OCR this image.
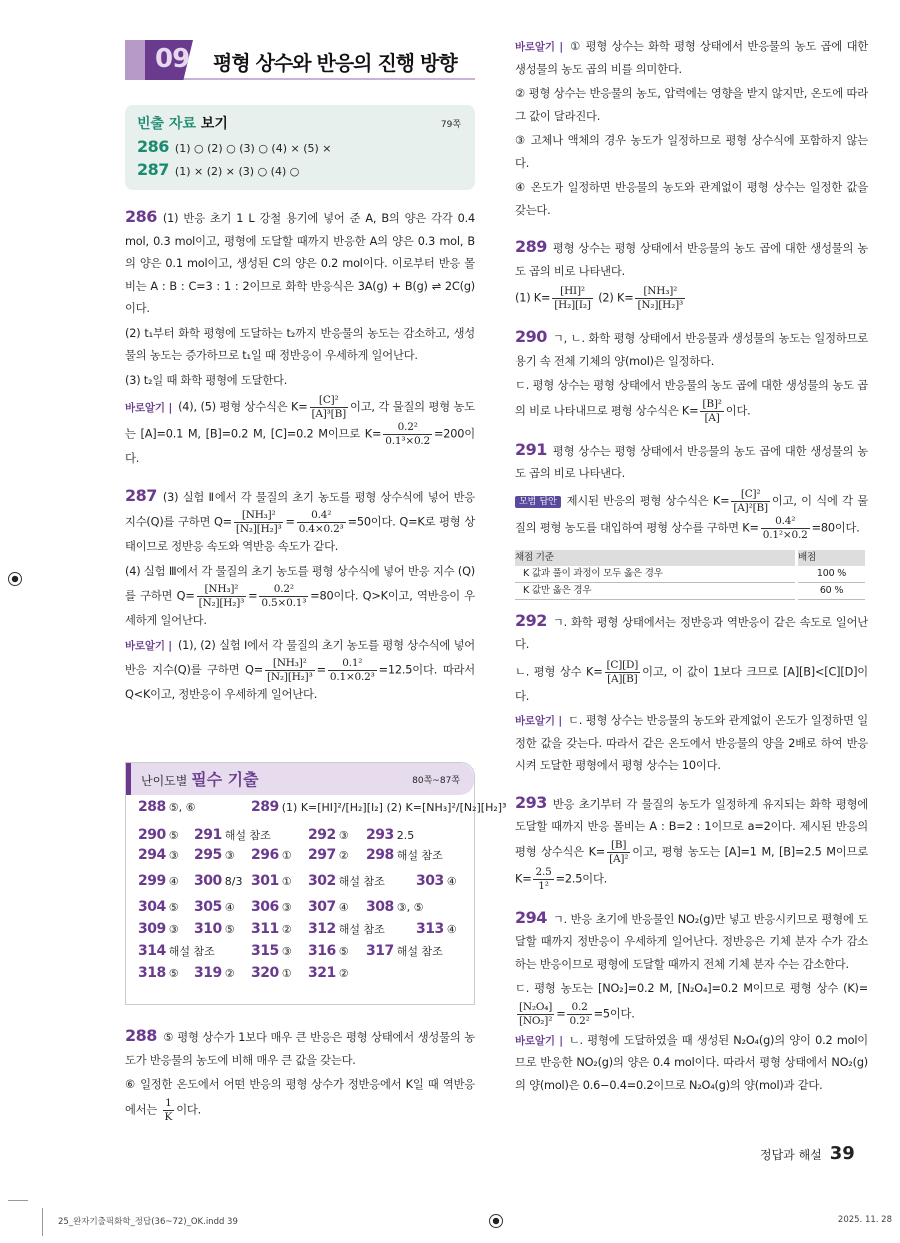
09 평형 상수와 반응의 진행 방향
빈출 자료 보기	79쪽
286 (1) ○ (2) ○ (3) ○ (4) × (5) ×
287 (1) × (2) × (3) ○ (4) ○
286 (1) 반응 초기 1 L 강철 용기에 넣어 준 A, B의 양은 각각 0.4 mol, 0.3 mol이고, 평형에 도달할 때까지 반응한 A의 양은 0.3 mol, B의 양은 0.1 mol이고, 생성된 C의 양은 0.2 mol이다. 이로부터 반응 몰비는 A : B : C=3 : 1 : 2이므로 화학 반응식은 3A(g) + B(g) ⇌ 2C(g)이다.
(2) t₁부터 화학 평형에 도달하는 t₂까지 반응물의 농도는 감소하고, 생성물의 농도는 증가하므로 t₁일 때 정반응이 우세하게 일어난다.
(3) t₂일 때 화학 평형에 도달한다.
바로알기 | (4), (5) 평형 상수식은 $K= \frac{\text{[C]²}}{\text{[A]³[B]}}$ 이고, 각 물질의 평형 농도는 [A]=0.1 M, [B]=0.2 M, [C]=0.2 M이므로 $K= \frac{\text{0.2²}}{\text{0.1³×0.2}} =200$이다.
287 (3) 실험 Ⅱ에서 각 물질의 초기 농도를 평형 상수식에 넣어 반응 지수(Q)를 구하면 $Q= \frac{\text{[NH₃]²}}{\text{[N₂][H₂]³}} = \frac{\text{0.4²}}{\text{0.4×0.2³}} =50$이다. Q=K로 평형 상태이므로 정반응 속도와 역반응 속도가 같다.
(4) 실험 Ⅲ에서 각 물질의 초기 농도를 평형 상수식에 넣어 반응 지수 (Q)를 구하면 $Q= \frac{\text{[NH₃]²}}{\text{[N₂][H₂]³}} = \frac{\text{0.2²}}{\text{0.5×0.1³}} =80$이다. Q>K이고, 역반응이 우세하게 일어난다.
바로알기 | (1), (2) 실험 Ⅰ에서 각 물질의 초기 농도를 평형 상수식에 넣어 반응 지수(Q)를 구하면 $Q= \frac{\text{[NH₃]²}}{\text{[N₂][H₂]³}} = \frac{\text{0.1²}}{\text{0.1×0.2³}} =12.5$이다. 따라서 Q<K이고, 정반응이 우세하게 일어난다.
난이도별 필수 기출	80쪽~87쪽
288 ⑤, ⑥	289 (1) K=[HI]²/[H₂][I₂] (2) K=[NH₃]²/[N₂][H₂]³
290 ⑤ 291 해설 참조	292 ③ 293 2.5
294 ③ 295 ③ 296 ① 297 ② 298 해설 참조
299 ④ 300 8/3 301 ① 302 해설 참조 303 ④
304 ⑤ 305 ④ 306 ③ 307 ④ 308 ③, ⑤
309 ③ 310 ⑤ 311 ② 312 해설 참조 313 ④
314 해설 참조	315 ③ 316 ⑤ 317 해설 참조
318 ⑤ 319 ② 320 ① 321 ②
288 ⑤ 평형 상수가 1보다 매우 큰 반응은 평형 상태에서 생성물의 농도가 반응물의 농도에 비해 매우 큰 값을 갖는다.
⑥ 일정한 온도에서 어떤 반응의 평형 상수가 정반응에서 K일 때 역반응에서는 $\frac{1}{K}$ 이다.
바로알기 | ① 평형 상수는 화학 평형 상태에서 반응물의 농도 곱에 대한 생성물의 농도 곱의 비를 의미한다.
② 평형 상수는 반응물의 농도, 압력에는 영향을 받지 않지만, 온도에 따라 그 값이 달라진다.
③ 고체나 액체의 경우 농도가 일정하므로 평형 상수식에 포함하지 않는다.
④ 온도가 일정하면 반응물의 농도와 관계없이 평형 상수는 일정한 값을 갖는다.
289 평형 상수는 평형 상태에서 반응물의 농도 곱에 대한 생성물의 농도 곱의 비로 나타낸다.
(1) $K= \frac{\text{[HI]²}}{\text{[H₂][I₂]}} (2)$ $K= \frac{\text{[NH₃]²}}{\text{[N₂][H₂]³}}$
290 ㄱ, ㄴ. 화학 평형 상태에서 반응물과 생성물의 농도는 일정하므로 용기 속 전체 기체의 양(mol)은 일정하다.
ㄷ. 평형 상수는 평형 상태에서 반응물의 농도 곱에 대한 생성물의 농도 곱의 비로 나타내므로 평형 상수식은 $K= \frac{\text{[B]²}}{[A]}$ 이다.
291 평형 상수는 평형 상태에서 반응물의 농도 곱에 대한 생성물의 농도 곱의 비로 나타낸다.
모범 답안 제시된 반응의 평형 상수식은 $K= \frac{\text{[C]²}}{\text{[A]²[B]}}$ 이고, 이 식에 각 물질의 평형 농도를 대입하여 평형 상수를 구하면 $K= \frac{\text{0.4²}}{\text{0.1²×0.2}} =80$이다.
채점 기준	배점
K 값과 풀이 과정이 모두 옳은 경우	100 %
K 값만 옳은 경우	60 %
292 ㄱ. 화학 평형 상태에서는 정반응과 역반응이 같은 속도로 일어난다.
ㄴ. 평형 상수 $K= \frac{[C][D]}{[A][B]}$ 이고, 이 값이 1보다 크므로 [A][B]<[C][D]이다.
바로알기 | ㄷ. 평형 상수는 반응물의 농도와 관계없이 온도가 일정하면 일정한 값을 갖는다. 따라서 같은 온도에서 반응물의 양을 2배로 하여 반응시켜 도달한 평형에서 평형 상수는 10이다.
293 반응 초기부터 각 물질의 농도가 일정하게 유지되는 화학 평형에 도달할 때까지 반응 몰비는 A : B=2 : 1이므로 a=2이다. 제시된 반응의 평형 상수식은 $K= \frac{[B]}{\text{[A]²}}$ 이고, 평형 농도는 [A]=1 M, [B]=2.5 M이므로 $K= \frac{2.5}{\text{1²}} =2.5$이다.
294 ㄱ. 반응 초기에 반응물인 NO₂(g)만 넣고 반응시키므로 평형에 도달할 때까지 정반응이 우세하게 일어난다. 정반응은 기체 분자 수가 감소하는 반응이므로 평형에 도달할 때까지 전체 기체 분자 수는 감소한다.
ㄷ. 평형 농도는 [NO₂]=0.2 M, [N₂O₄]=0.2 M이므로 평형 상수 (K)=
$\frac{\text{[N₂O₄]}}{\text{[NO₂]²}} = \frac{0.2}{\text{0.2²}} =5$이다.
바로알기 | ㄴ. 평형에 도달하였을 때 생성된 N₂O₄(g)의 양이 0.2 mol이므로 반응한 NO₂(g)의 양은 0.4 mol이다. 따라서 평형 상태에서 NO₂(g)의 양(mol)은 0.6−0.4=0.2이므로 N₂O₄(g)의 양(mol)과 같다.
정답과 해설 39
25_완자기출픽화학_정답(36~72)_OK.indd 39	2025. 11. 28
